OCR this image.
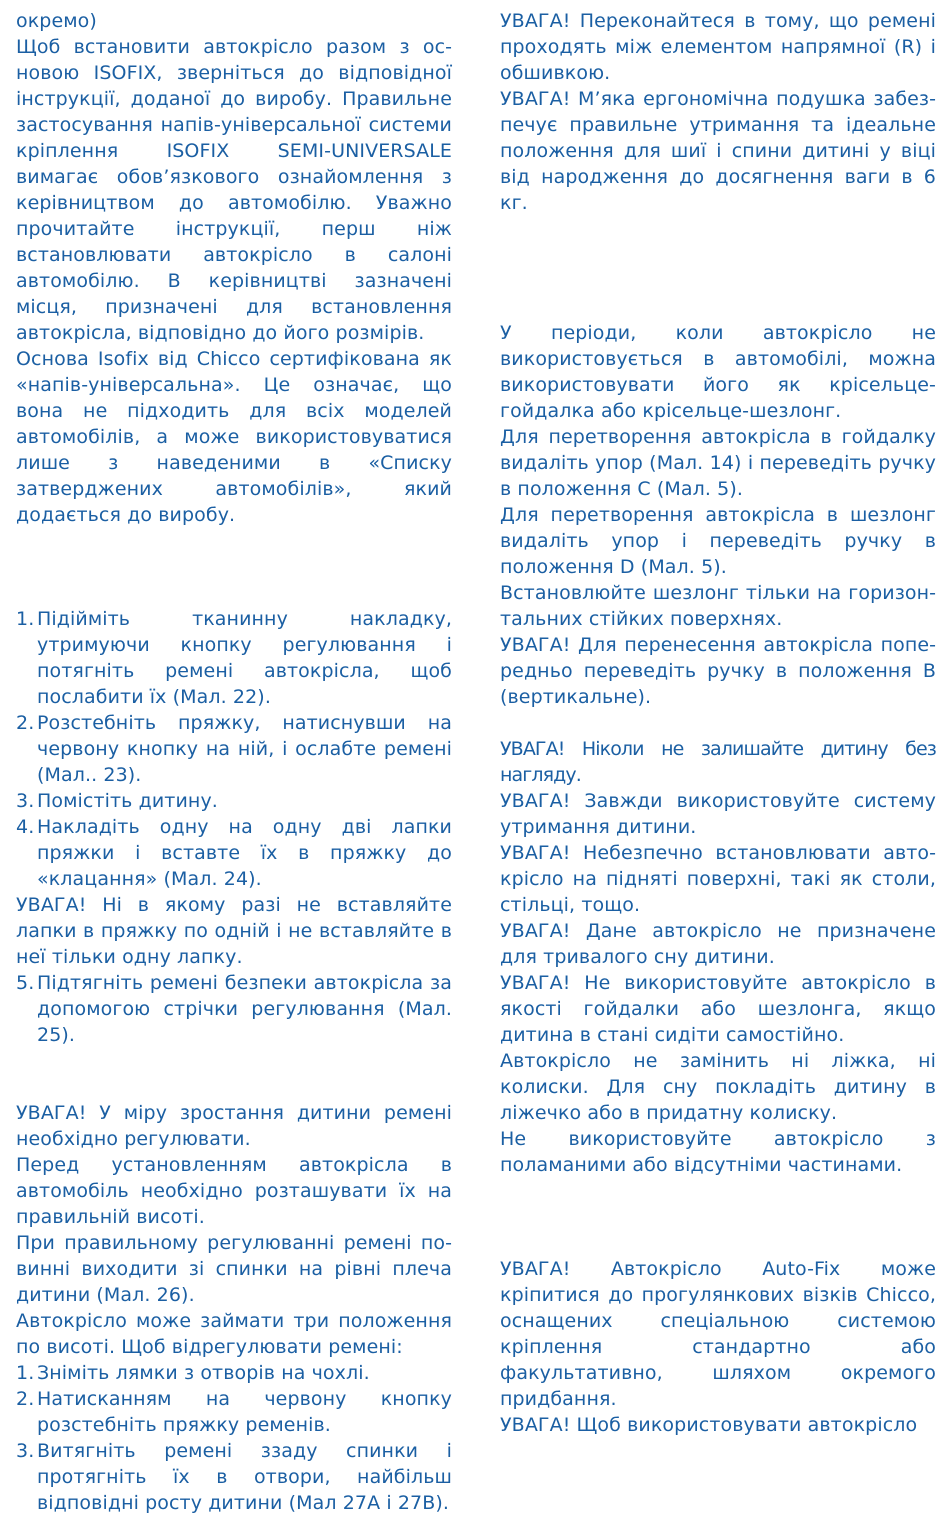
окремо)

Щоб встановити автокрісло разом з основою ISOFIX, зверніться до відповідної інструкції, доданої до виробу. Правильне застосування напів-універсальної системи кріплення ISOFIX SEMI-UNIVERSALE вимагає обов’язкового ознайомлення з керівництвом до автомобілю. Уважно прочитайте інструкції, перш ніж встановлювати автокрісло в салоні автомобілю. В керівництві зазначені місця, призначені для встановлення автокрісла, відповідно до його розмірів.

Основа Isofix від Chicco сертифікована як «напів-універсальна». Це означає, що вона не підходить для всіх моделей автомобілів, а може використовуватися лише з наведеними в «Списку затверджених автомобілів», який додається до виробу.

1. Підійміть тканинну накладку, утримуючи кнопку регулювання і потягніть ремені автокрісла, щоб послабити їх (Мал. 22).
2. Розстебніть пряжку, натиснувши на червону кнопку на ній, і ослабте ремені (Мал.. 23).
3. Помістіть дитину.
4. Накладіть одну на одну дві лапки пряжки і вставте їх в пряжку до «клацання» (Мал. 24).

УВАГА! Ні в якому разі не вставляйте лапки в пряжку по одній і не вставляйте в неї тільки одну лапку.

5. Підтягніть ремені безпеки автокрісла за допомогою стрічки регулювання (Мал. 25).

УВАГА! У міру зростання дитини ремені необхідно регулювати.

Перед установленням автокрісла в автомобіль необхідно розташувати їх на правильній висоті.

При правильному регулюванні ремені повинні виходити зі спинки на рівні плеча дитини (Мал. 26).

Автокрісло може займати три положення по висоті. Щоб відрегулювати ремені:

1. Зніміть лямки з отворів на чохлі.
2. Натисканням на червону кнопку розстебніть пряжку ременів.
3. Витягніть ремені ззаду спинки і протягніть їх в отвори, найбільш відповідні росту дитини (Мал 27A і 27B).

УВАГА! Переконайтеся в тому, що ремені проходять між елементом напрямної (R) і обшивкою.

УВАГА! М’яка ергономічна подушка забезпечує правильне утримання та ідеальне положення для шиї і спини дитині у віці від народження до досягнення ваги в 6 кг.

У періоди, коли автокрісло не використовується в автомобілі, можна використовувати його як крісельце-гойдалка або крісельце-шезлонг.

Для перетворення автокрісла в гойдалку видаліть упор (Мал. 14) і переведіть ручку в положення C (Мал. 5).

Для перетворення автокрісла в шезлонг видаліть упор і переведіть ручку в положення D (Мал. 5).

Встановлюйте шезлонг тільки на горизонтальних стійких поверхнях.

УВАГА! Для перенесення автокрісла попередньо переведіть ручку в положення B (вертикальне).

УВАГА! Ніколи не залишайте дитину без нагляду.

УВАГА! Завжди використовуйте систему утримання дитини.

УВАГА! Небезпечно встановлювати автокрісло на підняті поверхні, такі як столи, стільці, тощо.

УВАГА! Дане автокрісло не призначене для тривалого сну дитини.

УВАГА! Не використовуйте автокрісло в якості гойдалки або шезлонга, якщо дитина в стані сидіти самостійно.

Автокрісло не замінить ні ліжка, ні колиски. Для сну покладіть дитину в ліжечко або в придатну колиску.

Не використовуйте автокрісло з поламаними або відсутніми частинами.

УВАГА! Автокрісло Auto-Fix може кріпитися до прогулянкових візків Chicco, оснащених спеціальною системою кріплення стандартно або факультативно, шляхом окремого придбання.

УВАГА! Щоб використовувати автокрісло
